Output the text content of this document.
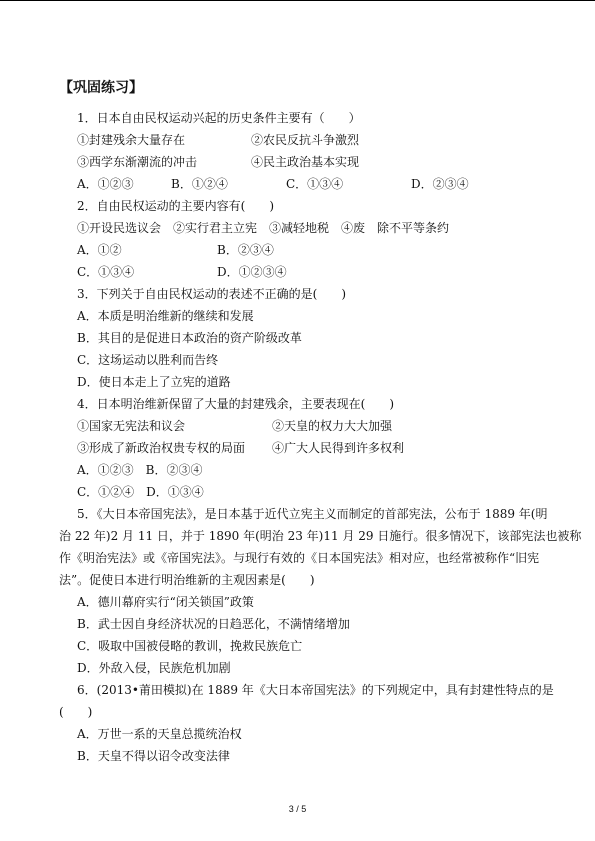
【巩固练习】
1．日本自由民权运动兴起的历史条件主要有（　　）
①封建残余大量存在	②农民反抗斗争激烈
③西学东渐潮流的冲击	④民主政治基本实现
A．①②③	B．①②④	C．①③④	D．②③④
2．自由民权运动的主要内容有(　　)
①开设民选议会　②实行君主立宪　③减轻地税　④废　除不平等条约
A．①②	B．②③④
C．①③④	D．①②③④
3．下列关于自由民权运动的表述不正确的是(　　)
A．本质是明治维新的继续和发展
B．其目的是促进日本政治的资产阶级改革
C．这场运动以胜利而告终
D．使日本走上了立宪的道路
4．日本明治维新保留了大量的封建残余，主要表现在(　　)
①国家无宪法和议会	②天皇的权力大大加强
③形成了新政治权贵专权的局面 ④广大人民得到许多权利
A．①②③　B．②③④
C．①②④　D．①③④
5．《大日本帝国宪法》，是日本基于近代立宪主义而制定的首部宪法，公布于 1889 年(明
治 22 年)2 月 11 日，并于 1890 年(明治 23 年)11 月 29 日施行。很多情况下，该部宪法也被称
作《明治宪法》或《帝国宪法》。与现行有效的《日本国宪法》相对应，也经常被称作“旧宪
法”。促使日本进行明治维新的主观因素是(　　)
A．德川幕府实行“闭关锁国”政策
B．武士因自身经济状况的日趋恶化，不满情绪增加
C．吸取中国被侵略的教训，挽救民族危亡
D．外敌入侵，民族危机加剧
6．(2013•莆田模拟)在 1889 年《大日本帝国宪法》的下列规定中，具有封建性特点的是
(　　)
A．万世一系的天皇总揽统治权
B．天皇不得以诏令改变法律
3 / 5
